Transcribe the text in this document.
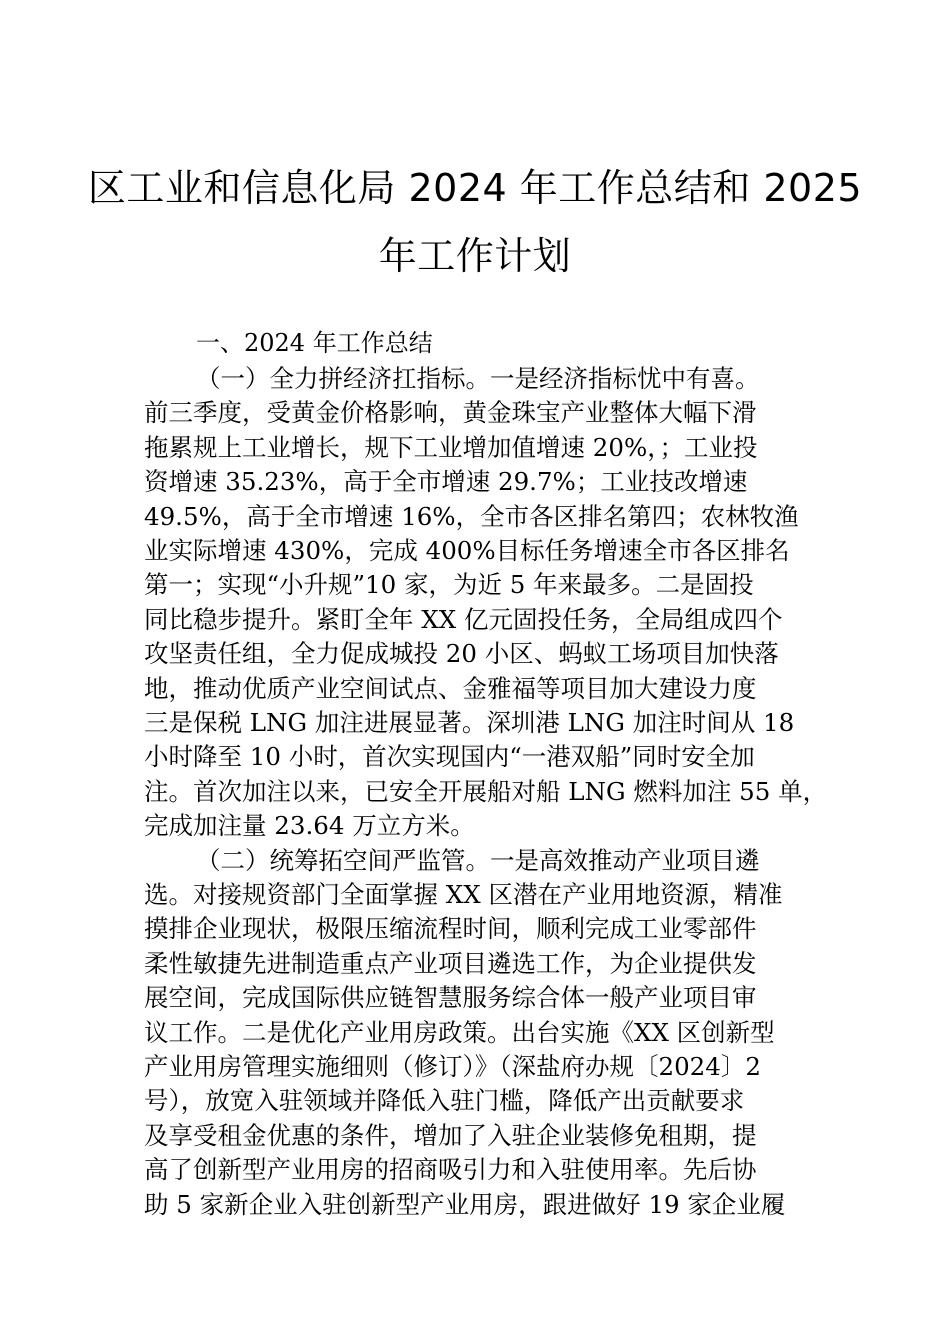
区工业和信息化局 2024 年工作总结和 2025
年工作计划
一、2024 年工作总结
（一）全力拼经济扛指标。一是经济指标忧中有喜。
前三季度，受黄金价格影响，黄金珠宝产业整体大幅下滑
拖累规上工业增长，规下工业增加值增速 20%，；工业投
资增速 35.23%，高于全市增速 29.7%；工业技改增速
49.5%，高于全市增速 16%，全市各区排名第四；农林牧渔
业实际增速 430%，完成 400%目标任务增速全市各区排名
第一；实现“小升规”10 家，为近 5 年来最多。二是固投
同比稳步提升。紧盯全年 XX 亿元固投任务，全局组成四个
攻坚责任组，全力促成城投 20 小区、蚂蚁工场项目加快落
地，推动优质产业空间试点、金雅福等项目加大建设力度
三是保税 LNG 加注进展显著。深圳港 LNG 加注时间从 18
小时降至 10 小时，首次实现国内“一港双船”同时安全加
注。首次加注以来，已安全开展船对船 LNG 燃料加注 55 单，
完成加注量 23.64 万立方米。
（二）统筹拓空间严监管。一是高效推动产业项目遴
选。对接规资部门全面掌握 XX 区潜在产业用地资源，精准
摸排企业现状，极限压缩流程时间，顺利完成工业零部件
柔性敏捷先进制造重点产业项目遴选工作，为企业提供发
展空间，完成国际供应链智慧服务综合体一般产业项目审
议工作。二是优化产业用房政策。出台实施《XX 区创新型
产业用房管理实施细则（修订）》（深盐府办规〔2024〕2
号），放宽入驻领域并降低入驻门槛，降低产出贡献要求
及享受租金优惠的条件，增加了入驻企业装修免租期，提
高了创新型产业用房的招商吸引力和入驻使用率。先后协
助 5 家新企业入驻创新型产业用房，跟进做好 19 家企业履
